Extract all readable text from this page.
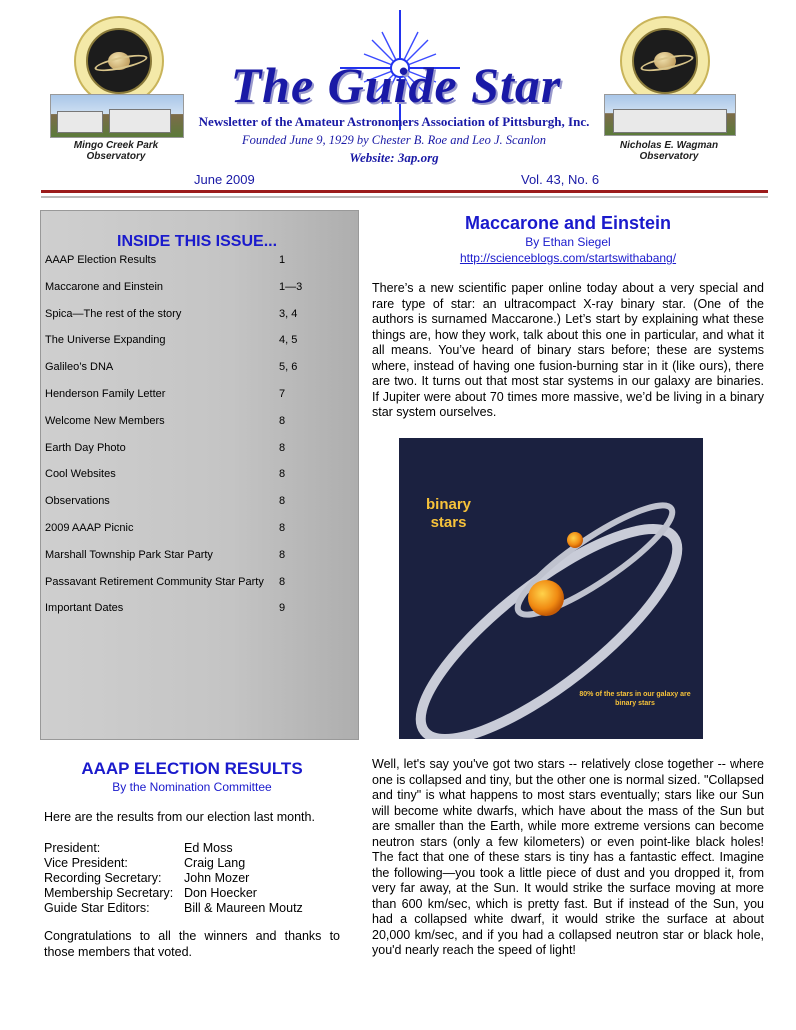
Mingo Creek Park Observatory
Nicholas E. Wagman Observatory
The Guide Star
Newsletter of the Amateur Astronomers Association of Pittsburgh, Inc.
Founded June 9, 1929 by Chester B. Roe and Leo J. Scanlon
Website: 3ap.org
June 2009	Vol. 43, No. 6
INSIDE THIS ISSUE...
AAAP Election Results	1
Maccarone and Einstein	1—3
Spica—The rest of the story	3, 4
The Universe Expanding	4, 5
Galileo’s DNA	5, 6
Henderson Family Letter	7
Welcome New Members	8
Earth Day Photo	8
Cool Websites	8
Observations	8
2009 AAAP Picnic	8
Marshall Township Park Star Party	8
Passavant Retirement Community Star Party 8
Important Dates	9
Maccarone and Einstein
By Ethan Siegel
http://scienceblogs.com/startswithabang/
There’s a new scientific paper online today about a very special and rare type of star: an ultracompact X-ray binary star. (One of the authors is surnamed Maccarone.) Let’s start by explaining what these things are, how they work, talk about this one in particular, and what it all means. You’ve heard of binary stars before; these are systems where, instead of having one fusion-burning star in it (like ours), there are two. It turns out that most star systems in our galaxy are binaries. If Jupiter were about 70 times more massive, we’d be living in a binary star system ourselves.
binary
stars
80% of the stars in our galaxy are binary stars
Well, let's say you've got two stars -- relatively close together -- where one is collapsed and tiny, but the other one is normal sized. "Collapsed and tiny" is what happens to most stars eventually; stars like our Sun will become white dwarfs, which have about the mass of the Sun but are smaller than the Earth, while more extreme versions can become neutron stars (only a few kilometers) or even point-like black holes! The fact that one of these stars is tiny has a fantastic effect. Imagine the following—you took a little piece of dust and you dropped it, from very far away, at the Sun. It would strike the surface moving at more than 600 km/sec, which is pretty fast. But if instead of the Sun, you had a collapsed white dwarf, it would strike the surface at about 20,000 km/sec, and if you had a collapsed neutron star or black hole, you'd nearly reach the speed of light!
AAAP ELECTION RESULTS
By the Nomination Committee
Here are the results from our election last month.
President:	Ed Moss
Vice President:	Craig Lang
Recording Secretary: John Mozer
Membership Secretary: Don Hoecker
Guide Star Editors:	Bill & Maureen Moutz
Congratulations to all the winners and thanks to those members that voted.
